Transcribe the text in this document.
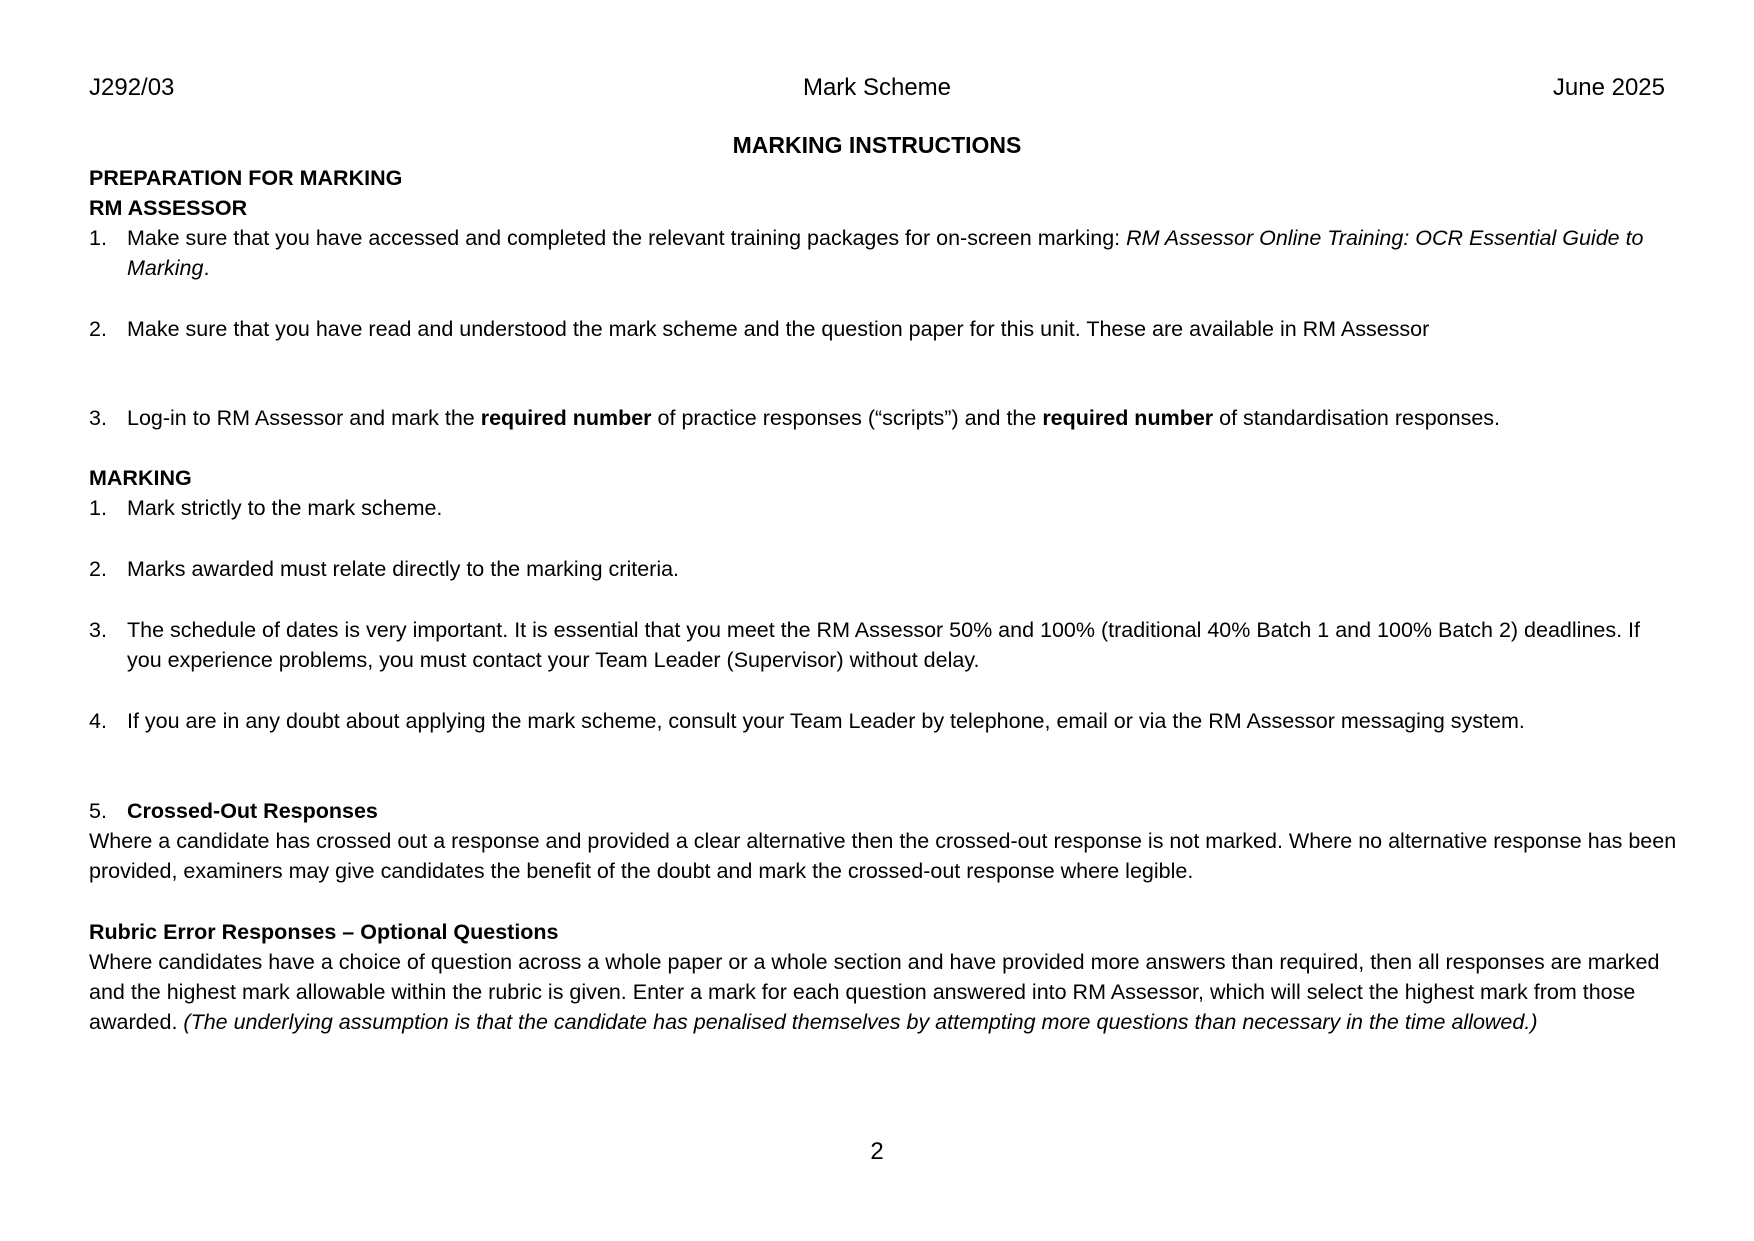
J292/03	Mark Scheme	June 2025
MARKING INSTRUCTIONS
PREPARATION FOR MARKING
RM ASSESSOR
1. Make sure that you have accessed and completed the relevant training packages for on-screen marking: RM Assessor Online Training: OCR Essential Guide to Marking.
2. Make sure that you have read and understood the mark scheme and the question paper for this unit. These are available in RM Assessor
3. Log-in to RM Assessor and mark the required number of practice responses (“scripts”) and the required number of standardisation responses.
MARKING
1. Mark strictly to the mark scheme.
2. Marks awarded must relate directly to the marking criteria.
3. The schedule of dates is very important. It is essential that you meet the RM Assessor 50% and 100% (traditional 40% Batch 1 and 100% Batch 2) deadlines. If you experience problems, you must contact your Team Leader (Supervisor) without delay.
4. If you are in any doubt about applying the mark scheme, consult your Team Leader by telephone, email or via the RM Assessor messaging system.
5. Crossed-Out Responses
Where a candidate has crossed out a response and provided a clear alternative then the crossed-out response is not marked. Where no alternative response has been provided, examiners may give candidates the benefit of the doubt and mark the crossed-out response where legible.
Rubric Error Responses – Optional Questions
Where candidates have a choice of question across a whole paper or a whole section and have provided more answers than required, then all responses are marked and the highest mark allowable within the rubric is given. Enter a mark for each question answered into RM Assessor, which will select the highest mark from those awarded. (The underlying assumption is that the candidate has penalised themselves by attempting more questions than necessary in the time allowed.)
2
